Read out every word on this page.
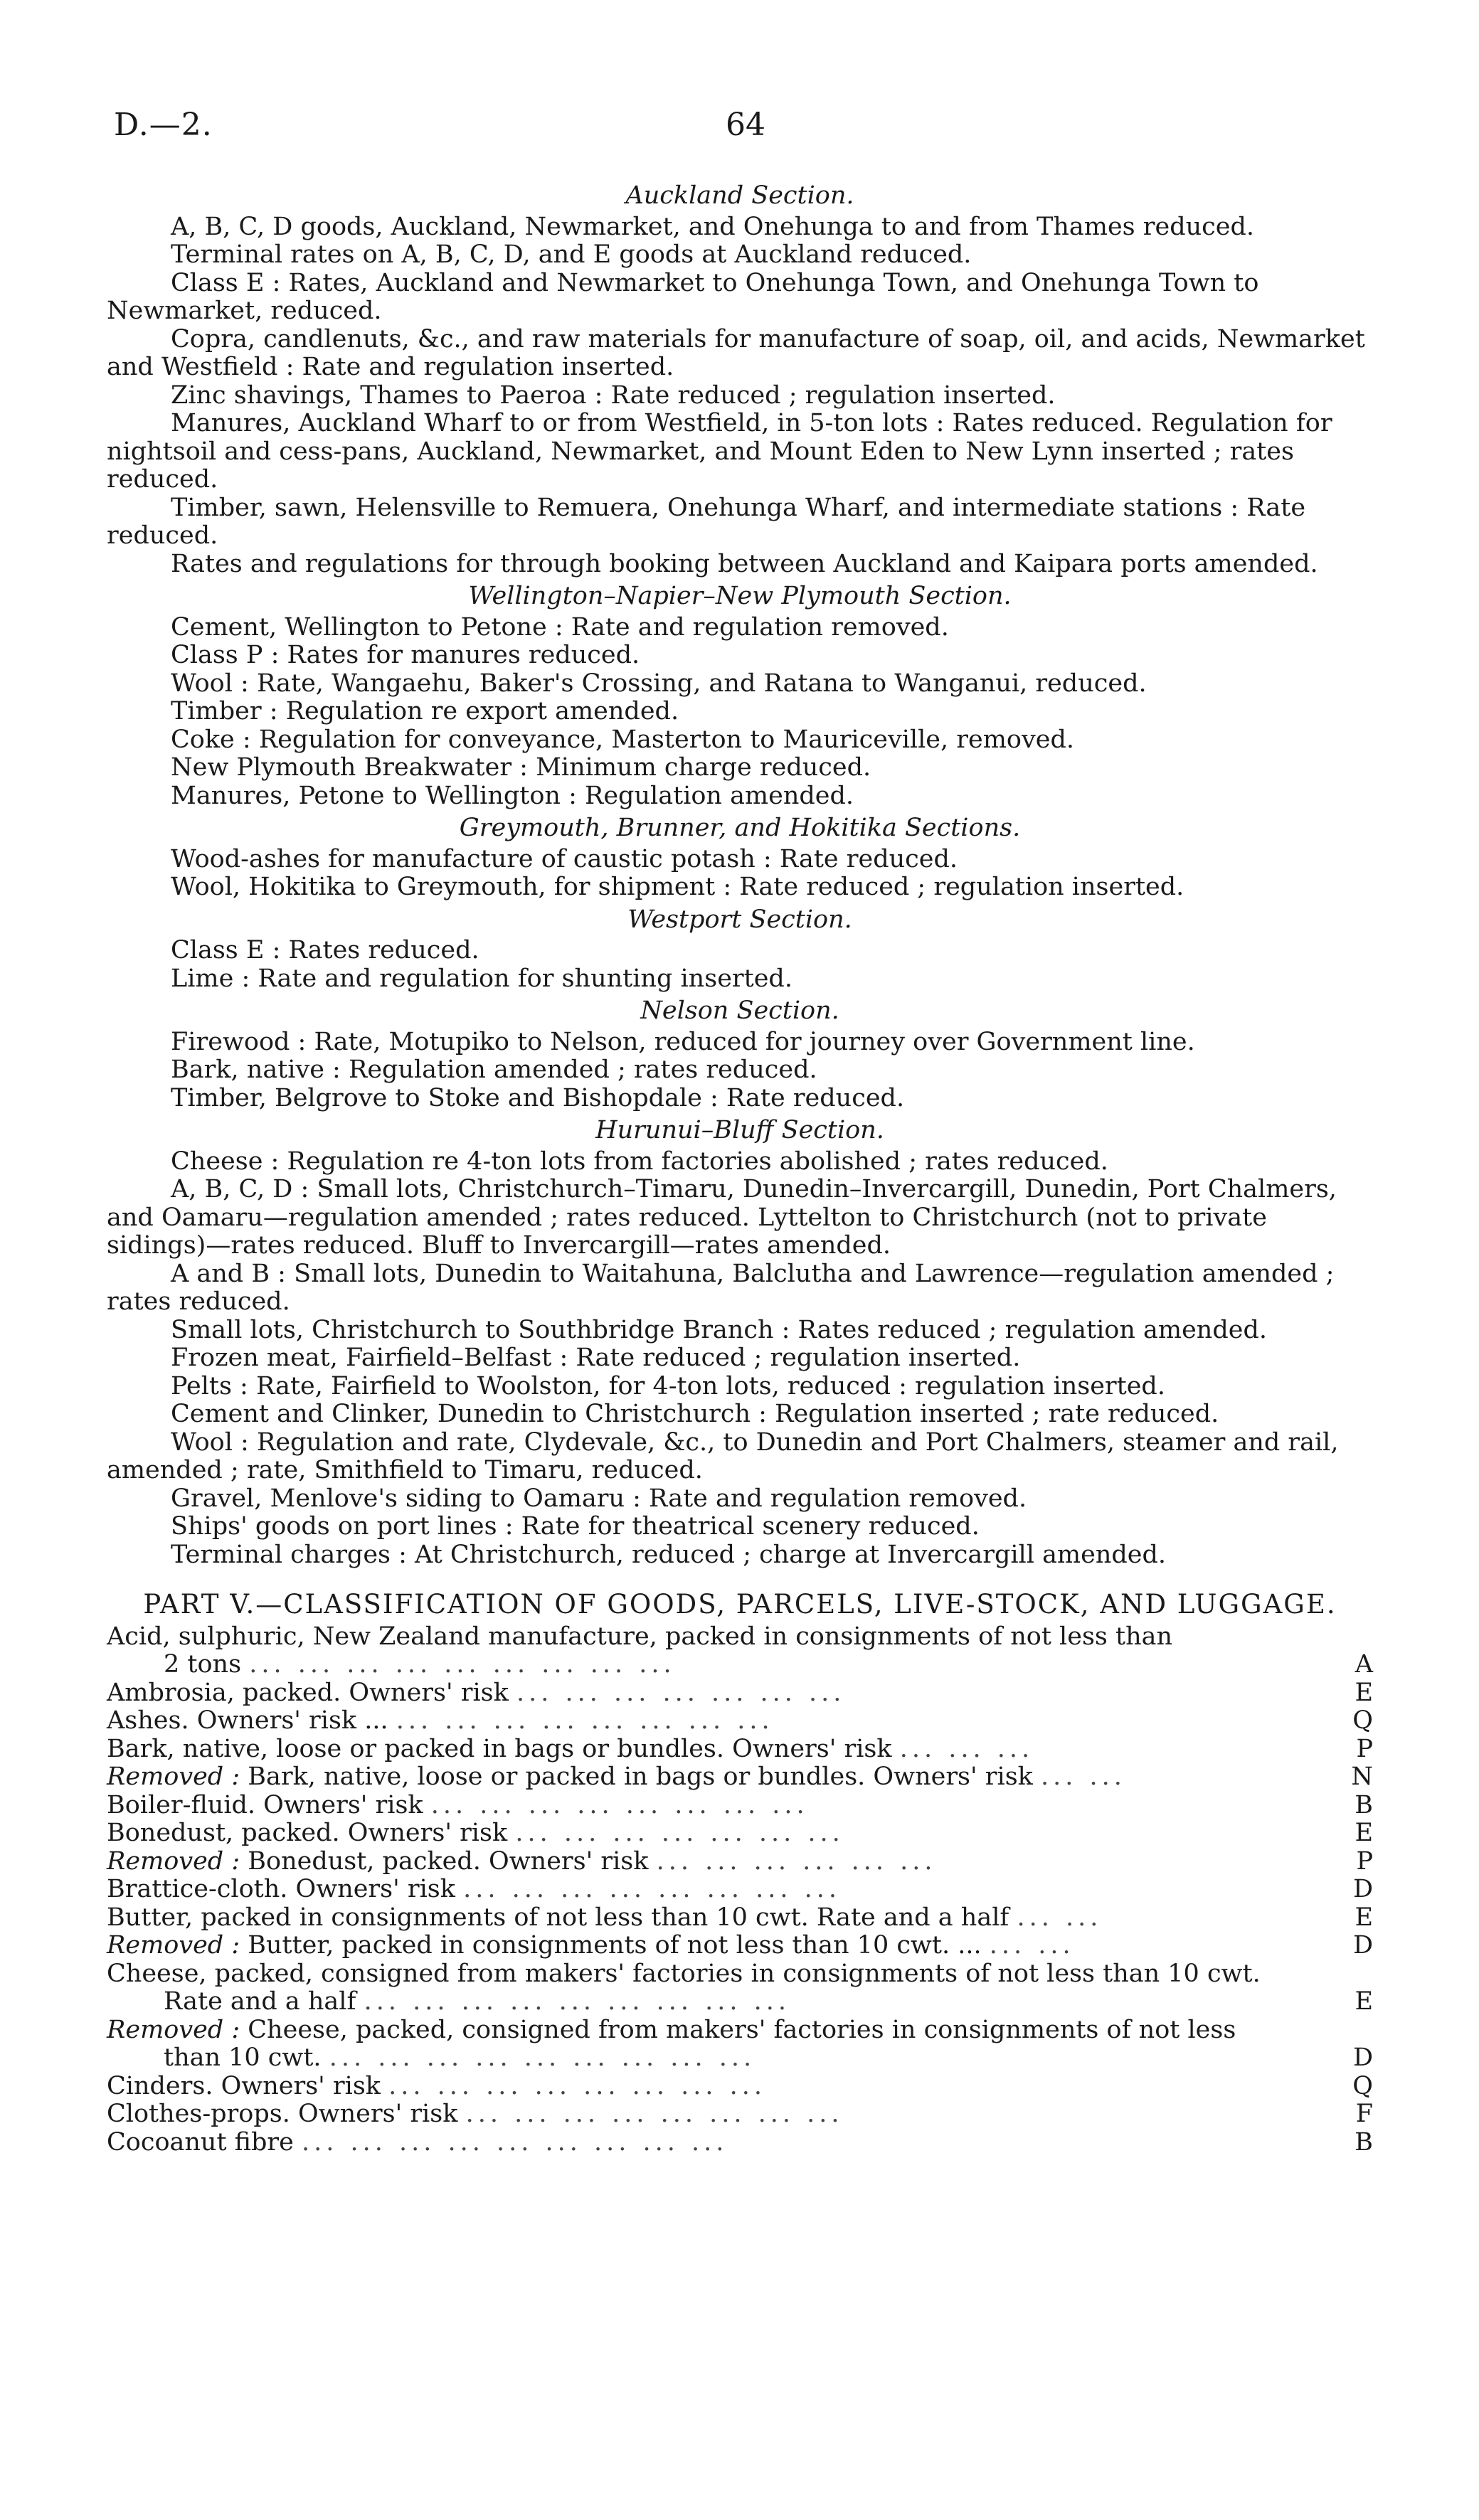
D.—2.	64
Auckland Section.

A, B, C, D goods, Auckland, Newmarket, and Onehunga to and from Thames reduced.

Terminal rates on A, B, C, D, and E goods at Auckland reduced.

Class E : Rates, Auckland and Newmarket to Onehunga Town, and Onehunga Town to Newmarket, reduced.

Copra, candlenuts, &c., and raw materials for manufacture of soap, oil, and acids, Newmarket and Westfield : Rate and regulation inserted.

Zinc shavings, Thames to Paeroa : Rate reduced ; regulation inserted.

Manures, Auckland Wharf to or from Westfield, in 5-ton lots : Rates reduced. Regulation for nightsoil and cess-pans, Auckland, Newmarket, and Mount Eden to New Lynn inserted ; rates reduced.

Timber, sawn, Helensville to Remuera, Onehunga Wharf, and intermediate stations : Rate reduced.

Rates and regulations for through booking between Auckland and Kaipara ports amended.

Wellington–Napier–New Plymouth Section.

Cement, Wellington to Petone : Rate and regulation removed.

Class P : Rates for manures reduced.

Wool : Rate, Wangaehu, Baker's Crossing, and Ratana to Wanganui, reduced.

Timber : Regulation re export amended.

Coke : Regulation for conveyance, Masterton to Mauriceville, removed.

New Plymouth Breakwater : Minimum charge reduced.

Manures, Petone to Wellington : Regulation amended.

Greymouth, Brunner, and Hokitika Sections.

Wood-ashes for manufacture of caustic potash : Rate reduced.

Wool, Hokitika to Greymouth, for shipment : Rate reduced ; regulation inserted.

Westport Section.

Class E : Rates reduced.

Lime : Rate and regulation for shunting inserted.

Nelson Section.

Firewood : Rate, Motupiko to Nelson, reduced for journey over Government line.

Bark, native : Regulation amended ; rates reduced.

Timber, Belgrove to Stoke and Bishopdale : Rate reduced.

Hurunui–Bluff Section.

Cheese : Regulation re 4-ton lots from factories abolished ; rates reduced.

A, B, C, D : Small lots, Christchurch–Timaru, Dunedin–Invercargill, Dunedin, Port Chalmers, and Oamaru—regulation amended ; rates reduced. Lyttelton to Christchurch (not to private sidings)—rates reduced. Bluff to Invercargill—rates amended.

A and B : Small lots, Dunedin to Waitahuna, Balclutha and Lawrence—regulation amended ; rates reduced.

Small lots, Christchurch to Southbridge Branch : Rates reduced ; regulation amended.

Frozen meat, Fairfield–Belfast : Rate reduced ; regulation inserted.

Pelts : Rate, Fairfield to Woolston, for 4-ton lots, reduced : regulation inserted.

Cement and Clinker, Dunedin to Christchurch : Regulation inserted ; rate reduced.

Wool : Regulation and rate, Clydevale, &c., to Dunedin and Port Chalmers, steamer and rail, amended ; rate, Smithfield to Timaru, reduced.

Gravel, Menlove's siding to Oamaru : Rate and regulation removed.

Ships' goods on port lines : Rate for theatrical scenery reduced.

Terminal charges : At Christchurch, reduced ; charge at Invercargill amended.

PART V.—CLASSIFICATION OF GOODS, PARCELS, LIVE-STOCK, AND LUGGAGE.
Acid, sulphuric, New Zealand manufacture, packed in consignments of not less than
2 tons ... ... ... ... ... ... ... ... ...	A
Ambrosia, packed. Owners' risk ... ... ... ... ... ... ...	E
Ashes. Owners' risk ... ... ... ... ... ... ... ... ...	Q
Bark, native, loose or packed in bags or bundles. Owners' risk ... ... ...	P
Removed : Bark, native, loose or packed in bags or bundles. Owners' risk ... ...	N
Boiler-fluid. Owners' risk ... ... ... ... ... ... ... ...	B
Bonedust, packed. Owners' risk ... ... ... ... ... ... ...	E
Removed : Bonedust, packed. Owners' risk ... ... ... ... ... ...	P
Brattice-cloth. Owners' risk ... ... ... ... ... ... ... ...	D
Butter, packed in consignments of not less than 10 cwt. Rate and a half ... ...	E
Removed : Butter, packed in consignments of not less than 10 cwt. ... ... ...	D
Cheese, packed, consigned from makers' factories in consignments of not less than 10 cwt.
Rate and a half ... ... ... ... ... ... ... ... ...	E
Removed : Cheese, packed, consigned from makers' factories in consignments of not less
than 10 cwt. ... ... ... ... ... ... ... ... ...	D
Cinders. Owners' risk ... ... ... ... ... ... ... ...	Q
Clothes-props. Owners' risk ... ... ... ... ... ... ... ...	F
Cocoanut fibre ... ... ... ... ... ... ... ... ...	B
